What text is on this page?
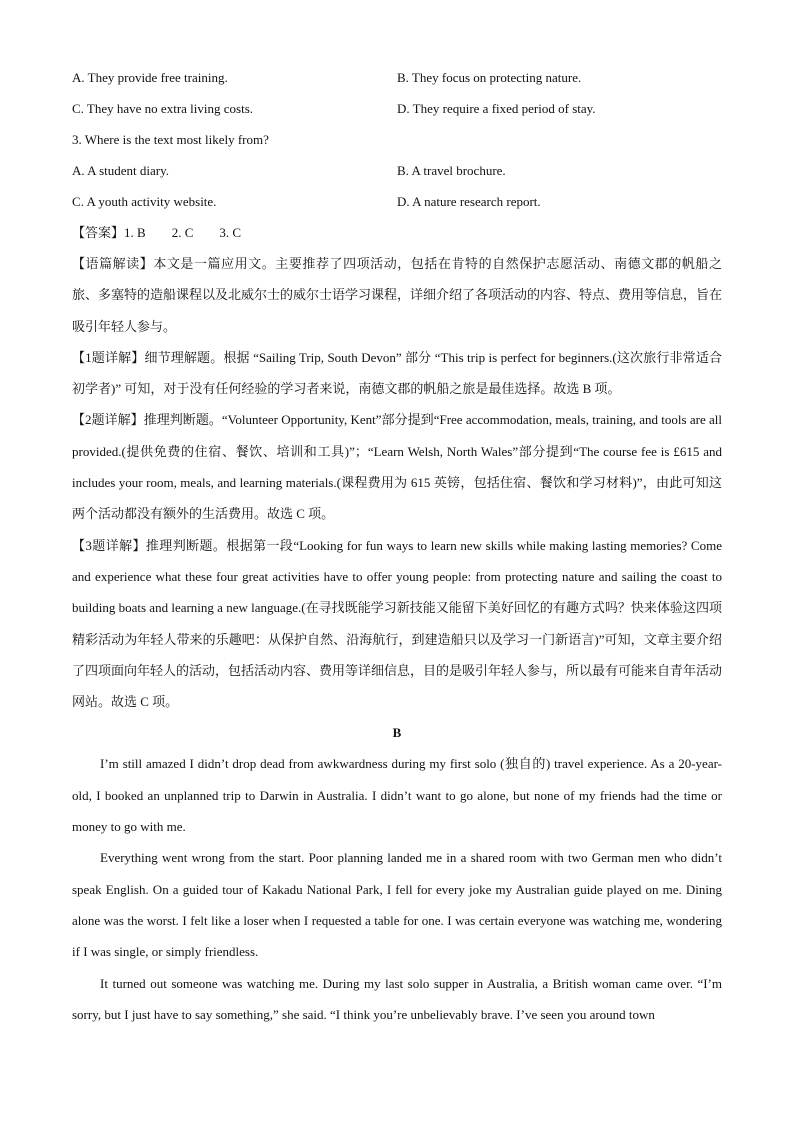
A. They provide free training.	B. They focus on protecting nature.
C. They have no extra living costs.	D. They require a fixed period of stay.
3. Where is the text most likely from?
A. A student diary.	B. A travel brochure.
C. A youth activity website.	D. A nature research report.
【答案】1. B 2. C 3. C

【语篇解读】本文是一篇应用文。主要推荐了四项活动，包括在肯特的自然保护志愿活动、南德文郡的帆船之旅、多塞特的造船课程以及北威尔士的威尔士语学习课程，详细介绍了各项活动的内容、特点、费用等信息，旨在吸引年轻人参与。

【1题详解】细节理解题。根据 “Sailing Trip, South Devon” 部分 “This trip is perfect for beginners.(这次旅行非常适合初学者)” 可知，对于没有任何经验的学习者来说，南德文郡的帆船之旅是最佳选择。故选 B 项。

【2题详解】推理判断题。“Volunteer Opportunity, Kent”部分提到“Free accommodation, meals, training, and tools are all provided.(提供免费的住宿、餐饮、培训和工具)”；“Learn Welsh, North Wales”部分提到“The course fee is £615 and includes your room, meals, and learning materials.(课程费用为 615 英镑，包括住宿、餐饮和学习材料)”，由此可知这两个活动都没有额外的生活费用。故选 C 项。

【3题详解】推理判断题。根据第一段“Looking for fun ways to learn new skills while making lasting memories? Come and experience what these four great activities have to offer young people: from protecting nature and sailing the coast to building boats and learning a new language.(在寻找既能学习新技能又能留下美好回忆的有趣方式吗？快来体验这四项精彩活动为年轻人带来的乐趣吧：从保护自然、沿海航行，到建造船只以及学习一门新语言)”可知，文章主要介绍了四项面向年轻人的活动，包括活动内容、费用等详细信息，目的是吸引年轻人参与，所以最有可能来自青年活动网站。故选 C 项。

B

I’m still amazed I didn’t drop dead from awkwardness during my first solo (独自的) travel experience. As a 20-year-old, I booked an unplanned trip to Darwin in Australia. I didn’t want to go alone, but none of my friends had the time or money to go with me.

Everything went wrong from the start. Poor planning landed me in a shared room with two German men who didn’t speak English. On a guided tour of Kakadu National Park, I fell for every joke my Australian guide played on me. Dining alone was the worst. I felt like a loser when I requested a table for one. I was certain everyone was watching me, wondering if I was single, or simply friendless.

It turned out someone was watching me. During my last solo supper in Australia, a British woman came over. “I’m sorry, but I just have to say something,” she said. “I think you’re unbelievably brave. I’ve seen you around town
